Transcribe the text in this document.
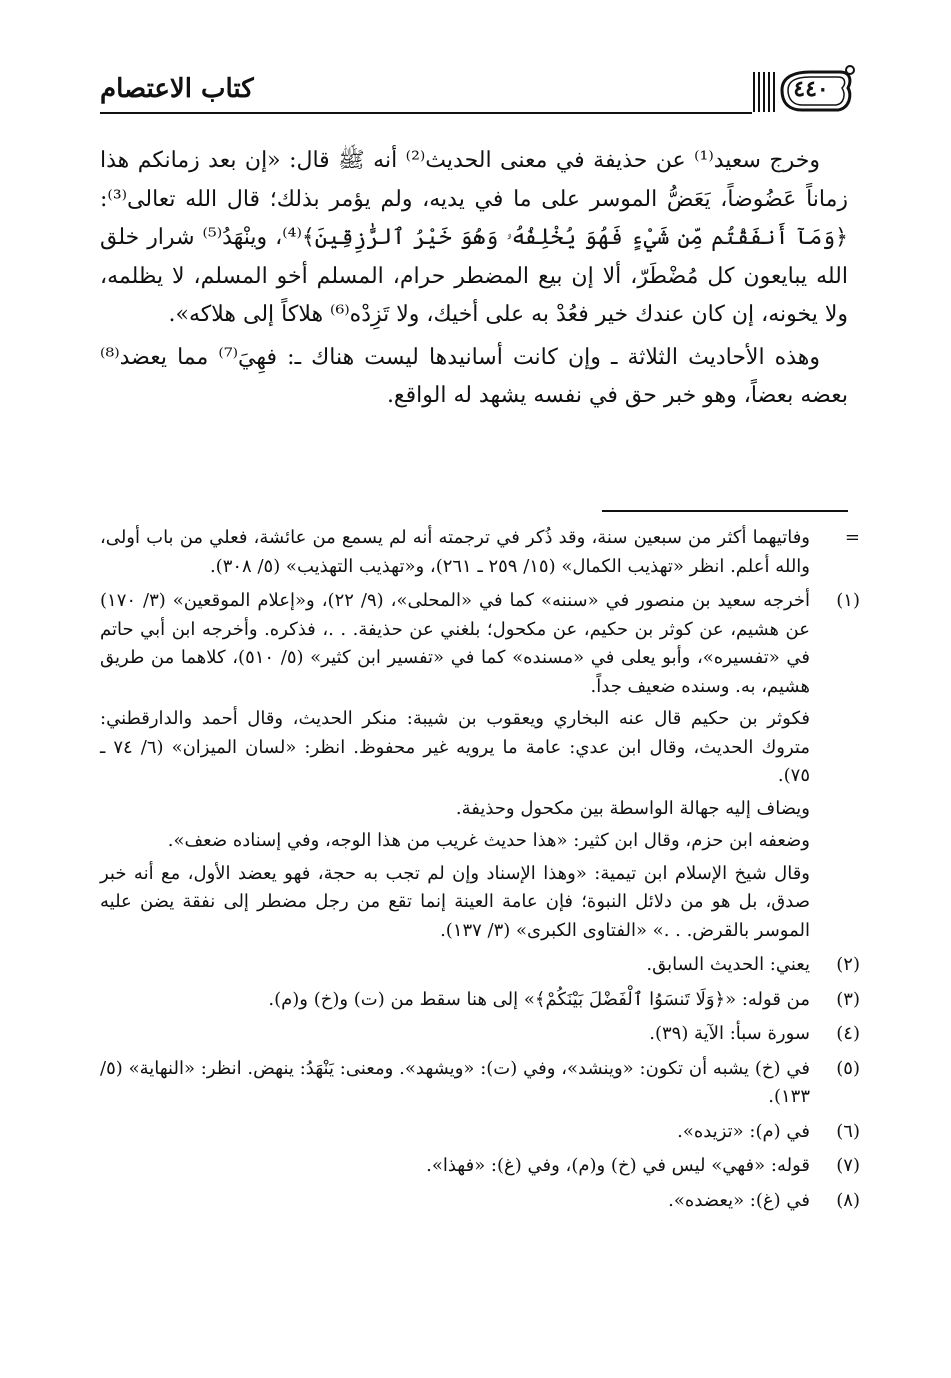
كتاب الاعتصام	٤٤٠

وخرج سعيد⁽¹⁾ عن حذيفة في معنى الحديث⁽²⁾ أنه ﷺ قال: «إن بعد زمانكم هذا زماناً عَضُوضاً، يَعَضُّ الموسر على ما في يديه، ولم يؤمر بذلك؛ قال الله تعالى⁽³⁾: ﴿وَمَآ أَنفَقْتُم مِّن شَيْءٍ فَهُوَ يُخْلِفُهُۥ وَهُوَ خَيْرُ ٱلرَّٰزِقِينَ﴾⁽⁴⁾، وينْهَدُ⁽⁵⁾ شرار خلق الله يبايعون كل مُضْطَرّ، ألا إن بيع المضطر حرام، المسلم أخو المسلم، لا يظلمه، ولا يخونه، إن كان عندك خير فعُدْ به على أخيك، ولا تَزِدْه⁽⁶⁾ هلاكاً إلى هلاكه».

وهذه الأحاديث الثلاثة ـ وإن كانت أسانيدها ليست هناك ـ: فهِيَ⁽⁷⁾ مما يعضد⁽⁸⁾ بعضه بعضاً، وهو خبر حق في نفسه يشهد له الواقع.

=

وفاتيهما أكثر من سبعين سنة، وقد ذُكر في ترجمته أنه لم يسمع من عائشة، فعلي من باب أولى، والله أعلم. انظر «تهذيب الكمال» (١٥/ ٢٥٩ ـ ٢٦١)، و«تهذيب التهذيب» (٥/ ٣٠٨).

(١)

أخرجه سعيد بن منصور في «سننه» كما في «المحلى»، (٩/ ٢٢)، و«إعلام الموقعين» (٣/ ١٧٠) عن هشيم، عن كوثر بن حكيم، عن مكحول؛ بلغني عن حذيفة. . .، فذكره. وأخرجه ابن أبي حاتم في «تفسيره»، وأبو يعلى في «مسنده» كما في «تفسير ابن كثير» (٥/ ٥١٠)، كلاهما من طريق هشيم، به. وسنده ضعيف جداً.

فكوثر بن حكيم قال عنه البخاري ويعقوب بن شيبة: منكر الحديث، وقال أحمد والدارقطني: متروك الحديث، وقال ابن عدي: عامة ما يرويه غير محفوظ. انظر: «لسان الميزان» (٦/ ٧٤ ـ ٧٥).

ويضاف إليه جهالة الواسطة بين مكحول وحذيفة.

وضعفه ابن حزم، وقال ابن كثير: «هذا حديث غريب من هذا الوجه، وفي إسناده ضعف».

وقال شيخ الإسلام ابن تيمية: «وهذا الإسناد وإن لم تجب به حجة، فهو يعضد الأول، مع أنه خبر صدق، بل هو من دلائل النبوة؛ فإن عامة العينة إنما تقع من رجل مضطر إلى نفقة يضن عليه الموسر بالقرض. . .» «الفتاوى الكبرى» (٣/ ١٣٧).

(٢)

يعني: الحديث السابق.

(٣)

من قوله: «﴿وَلَا تَنسَوُا ٱلْفَضْلَ بَيْنَكُمْ﴾» إلى هنا سقط من (ت) و(خ) و(م).

(٤)

سورة سبأ: الآية (٣٩).

(٥)

في (خ) يشبه أن تكون: «وينشد»، وفي (ت): «ويشهد». ومعنى: يَنْهَدُ: ينهض. انظر: «النهاية» (٥/ ١٣٣).

(٦)

في (م): «تزيده».

(٧)

قوله: «فهي» ليس في (خ) و(م)، وفي (غ): «فهذا».

(٨)

في (غ): «يعضده».
